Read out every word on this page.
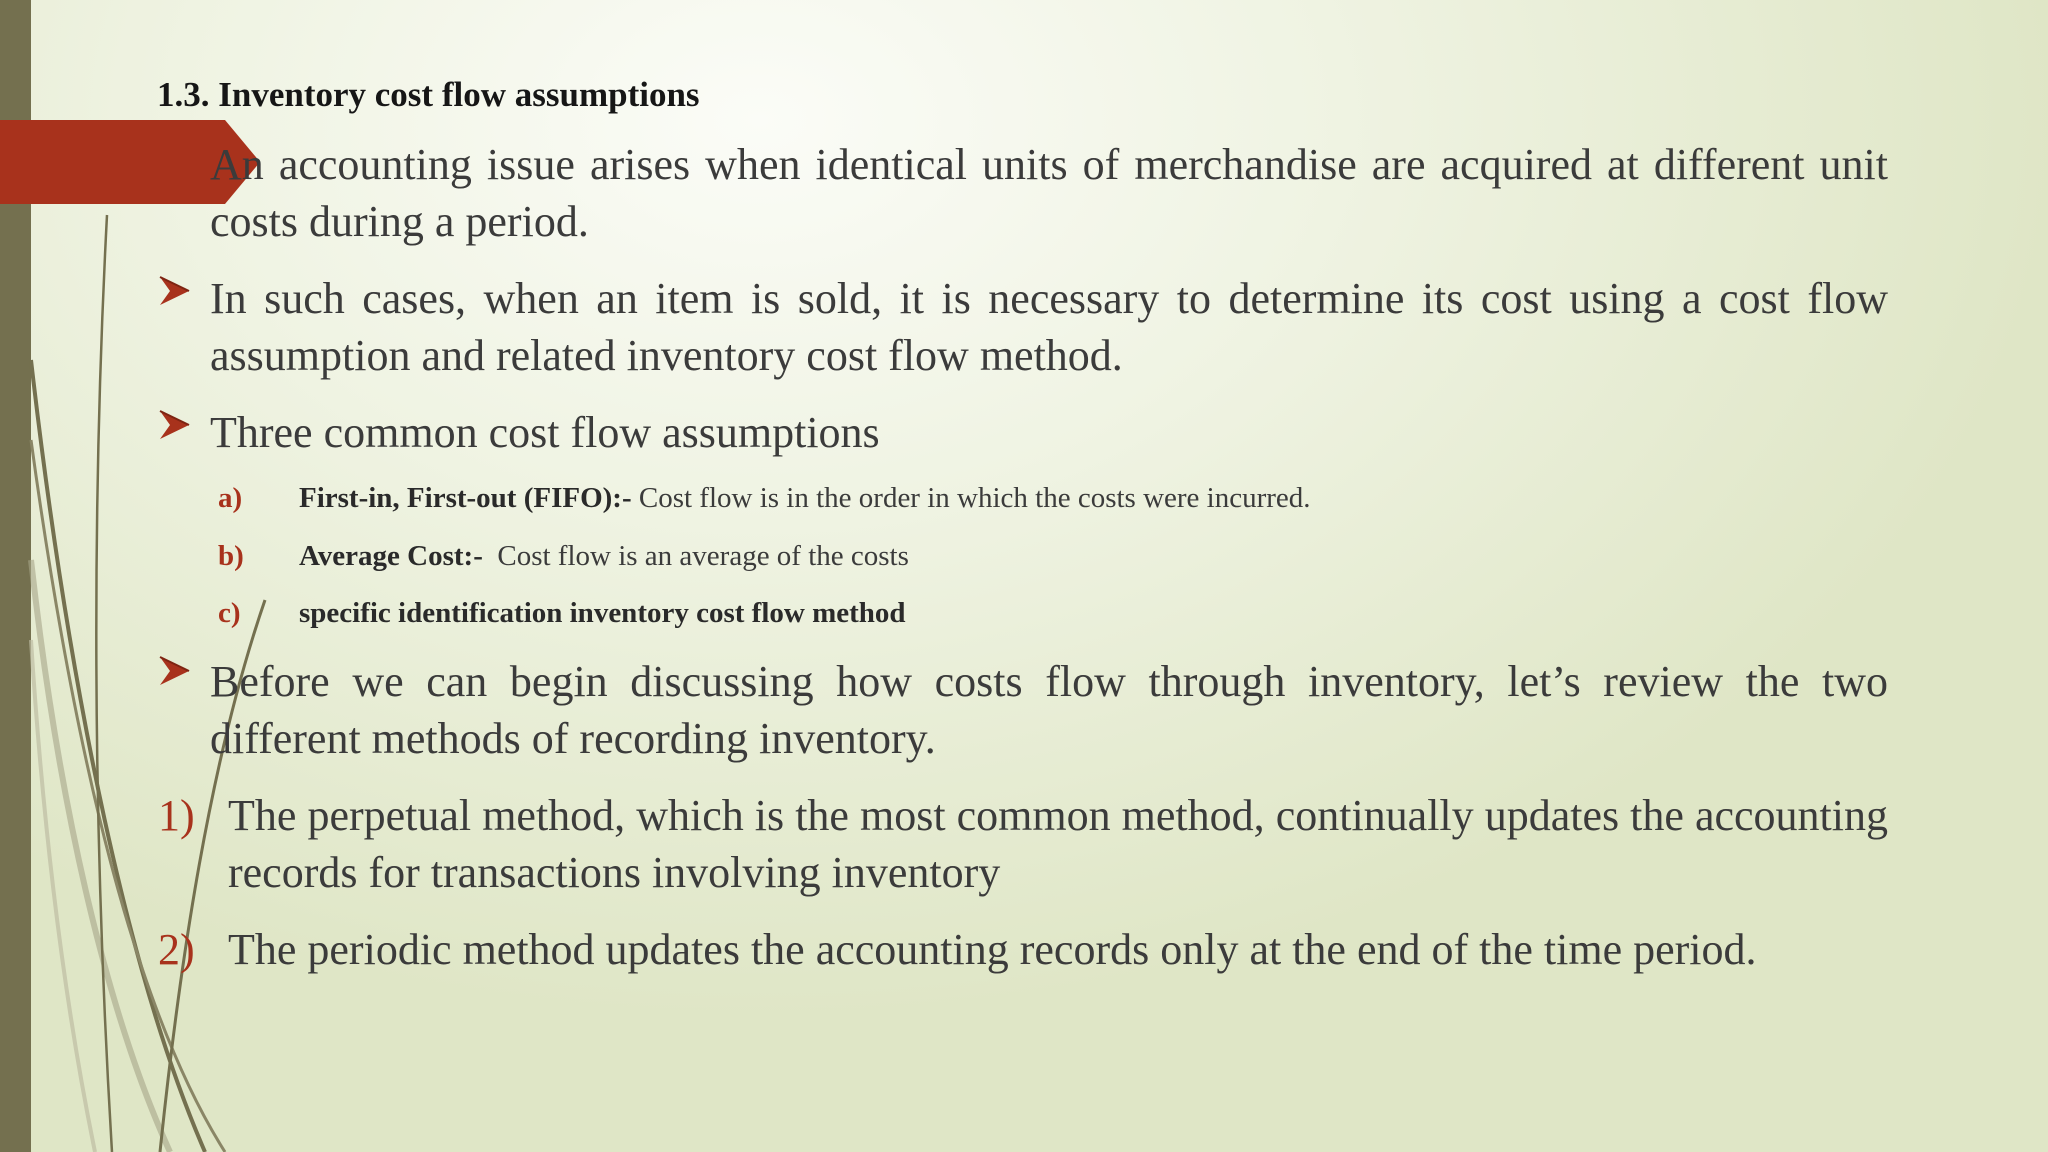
1.3. Inventory cost flow assumptions

An accounting issue arises when identical units of merchandise are acquired at different unit costs during a period.

In such cases, when an item is sold, it is necessary to determine its cost using a cost flow assumption and related inventory cost flow method.

Three common cost flow assumptions

a) First-in, First-out (FIFO):- Cost flow is in the order in which the costs were incurred.
b) Average Cost:-  Cost flow is an average of the costs
c) specific identification inventory cost flow method

Before we can begin discussing how costs flow through inventory, let’s review the two different methods of recording inventory.

1) The perpetual method, which is the most common method, continually updates the accounting records for transactions involving inventory

2) The periodic method updates the accounting records only at the end of the time period.
